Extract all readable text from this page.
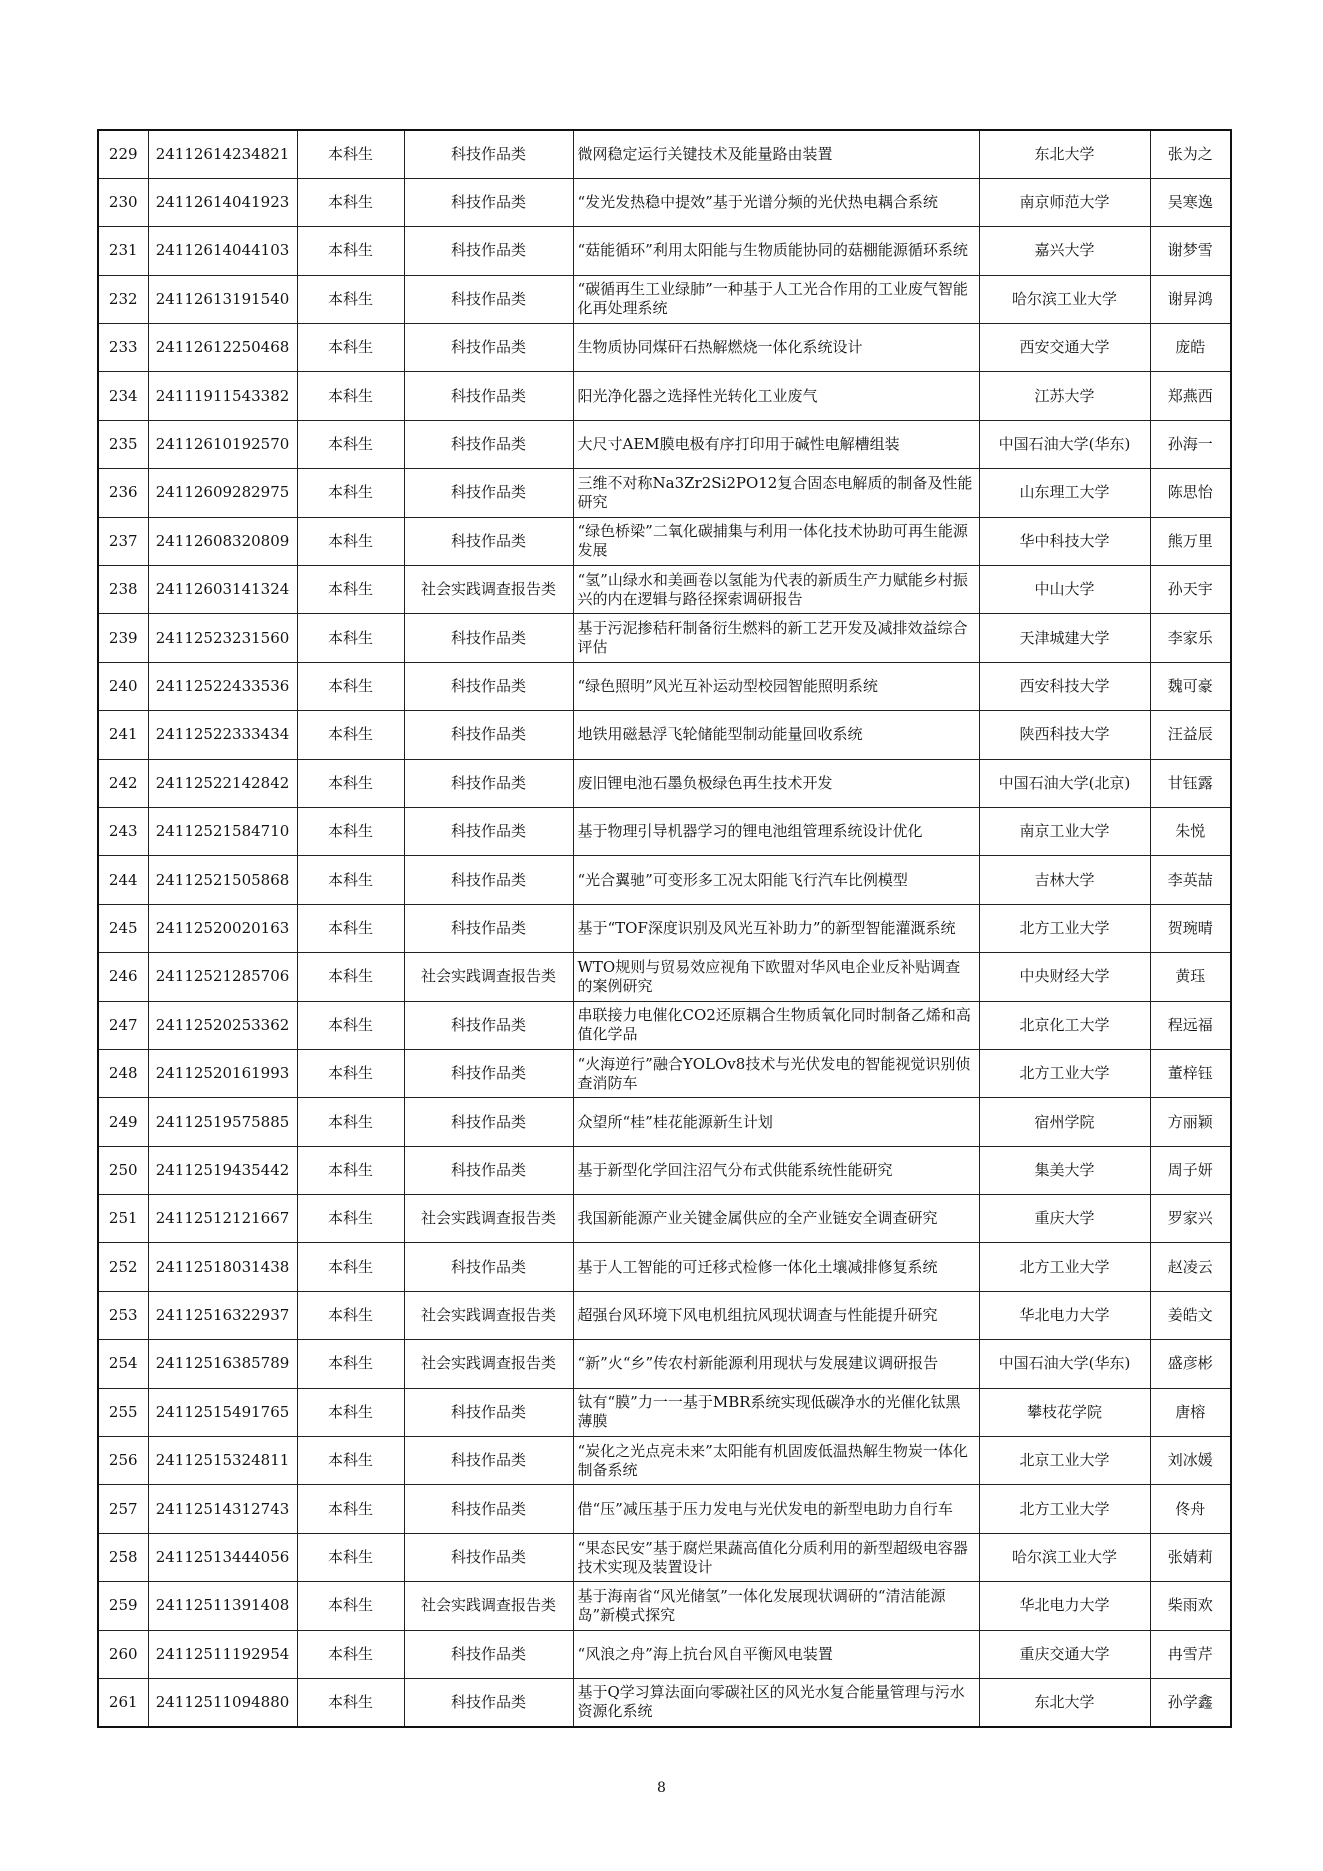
229	24112614234821	本科生	科技作品类	微网稳定运行关键技术及能量路由装置	东北大学	张为之
230	24112614041923	本科生	科技作品类	“发光发热稳中提效”基于光谱分频的光伏热电耦合系统	南京师范大学	吴寒逸
231	24112614044103	本科生	科技作品类	“菇能循环”利用太阳能与生物质能协同的菇棚能源循环系统	嘉兴大学	谢梦雪
232	24112613191540	本科生	科技作品类	“碳循再生工业绿肺”一种基于人工光合作用的工业废气智能化再处理系统	哈尔滨工业大学	谢昇鸿
233	24112612250468	本科生	科技作品类	生物质协同煤矸石热解燃烧一体化系统设计	西安交通大学	庞皓
234	24111911543382	本科生	科技作品类	阳光净化器之选择性光转化工业废气	江苏大学	郑燕西
235	24112610192570	本科生	科技作品类	大尺寸AEM膜电极有序打印用于碱性电解槽组装	中国石油大学(华东)	孙海一
236	24112609282975	本科生	科技作品类	三维不对称Na3Zr2Si2PO12复合固态电解质的制备及性能研究	山东理工大学	陈思怡
237	24112608320809	本科生	科技作品类	“绿色桥梁”二氧化碳捕集与利用一体化技术协助可再生能源发展	华中科技大学	熊万里
238	24112603141324	本科生	社会实践调查报告类	“氢”山绿水和美画卷以氢能为代表的新质生产力赋能乡村振兴的内在逻辑与路径探索调研报告	中山大学	孙天宇
239	24112523231560	本科生	科技作品类	基于污泥掺秸秆制备衍生燃料的新工艺开发及减排效益综合评估	天津城建大学	李家乐
240	24112522433536	本科生	科技作品类	“绿色照明”风光互补运动型校园智能照明系统	西安科技大学	魏可豪
241	24112522333434	本科生	科技作品类	地铁用磁悬浮飞轮储能型制动能量回收系统	陕西科技大学	汪益辰
242	24112522142842	本科生	科技作品类	废旧锂电池石墨负极绿色再生技术开发	中国石油大学(北京)	甘钰露
243	24112521584710	本科生	科技作品类	基于物理引导机器学习的锂电池组管理系统设计优化	南京工业大学	朱悦
244	24112521505868	本科生	科技作品类	“光合翼驰”可变形多工况太阳能飞行汽车比例模型	吉林大学	李英喆
245	24112520020163	本科生	科技作品类	基于“TOF深度识别及风光互补助力”的新型智能灌溉系统	北方工业大学	贺琬晴
246	24112521285706	本科生	社会实践调查报告类	WTO规则与贸易效应视角下欧盟对华风电企业反补贴调查的案例研究	中央财经大学	黄珏
247	24112520253362	本科生	科技作品类	串联接力电催化CO2还原耦合生物质氧化同时制备乙烯和高值化学品	北京化工大学	程远福
248	24112520161993	本科生	科技作品类	“火海逆行”融合YOLOv8技术与光伏发电的智能视觉识别侦查消防车	北方工业大学	董梓钰
249	24112519575885	本科生	科技作品类	众望所“桂”桂花能源新生计划	宿州学院	方丽颖
250	24112519435442	本科生	科技作品类	基于新型化学回注沼气分布式供能系统性能研究	集美大学	周子妍
251	24112512121667	本科生	社会实践调查报告类	我国新能源产业关键金属供应的全产业链安全调查研究	重庆大学	罗家兴
252	24112518031438	本科生	科技作品类	基于人工智能的可迁移式检修一体化土壤减排修复系统	北方工业大学	赵凌云
253	24112516322937	本科生	社会实践调查报告类	超强台风环境下风电机组抗风现状调查与性能提升研究	华北电力大学	姜皓文
254	24112516385789	本科生	社会实践调查报告类	“新”火“乡”传农村新能源利用现状与发展建议调研报告	中国石油大学(华东)	盛彦彬
255	24112515491765	本科生	科技作品类	钛有“膜”力一一基于MBR系统实现低碳净水的光催化钛黑薄膜	攀枝花学院	唐榕
256	24112515324811	本科生	科技作品类	“炭化之光点亮未来”太阳能有机固废低温热解生物炭一体化制备系统	北京工业大学	刘冰媛
257	24112514312743	本科生	科技作品类	借“压”减压基于压力发电与光伏发电的新型电助力自行车	北方工业大学	佟舟
258	24112513444056	本科生	科技作品类	“果态民安”基于腐烂果蔬高值化分质利用的新型超级电容器技术实现及装置设计	哈尔滨工业大学	张婧莉
259	24112511391408	本科生	社会实践调查报告类	基于海南省“风光储氢”一体化发展现状调研的“清洁能源岛”新模式探究	华北电力大学	柴雨欢
260	24112511192954	本科生	科技作品类	“风浪之舟”海上抗台风自平衡风电装置	重庆交通大学	冉雪芹
261	24112511094880	本科生	科技作品类	基于Q学习算法面向零碳社区的风光水复合能量管理与污水资源化系统	东北大学	孙学鑫
8
